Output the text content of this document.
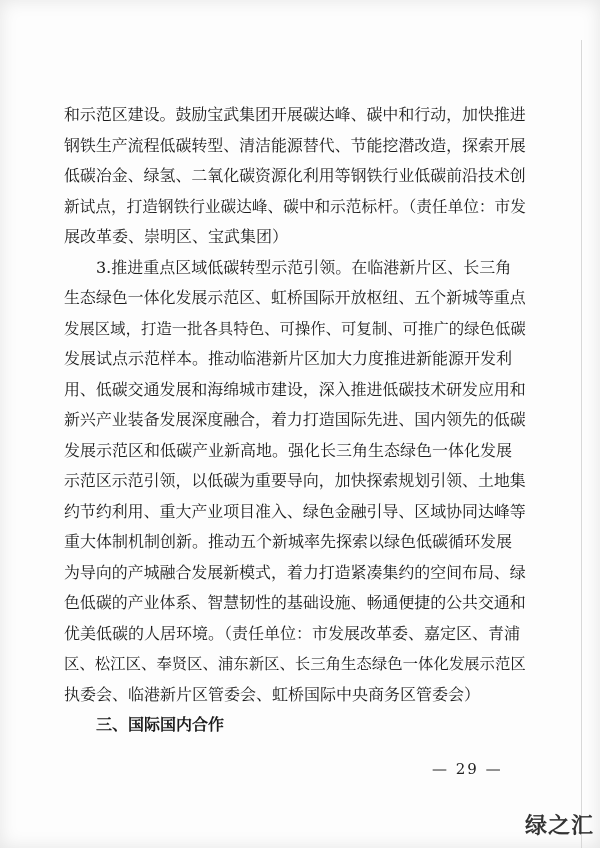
和示范区建设。鼓励宝武集团开展碳达峰、碳中和行动，加快推进
钢铁生产流程低碳转型、清洁能源替代、节能挖潜改造，探索开展
低碳冶金、绿氢、二氧化碳资源化利用等钢铁行业低碳前沿技术创
新试点，打造钢铁行业碳达峰、碳中和示范标杆。（责任单位：市发
展改革委、崇明区、宝武集团）
　　3.推进重点区域低碳转型示范引领。在临港新片区、长三角
生态绿色一体化发展示范区、虹桥国际开放枢纽、五个新城等重点
发展区域，打造一批各具特色、可操作、可复制、可推广的绿色低碳
发展试点示范样本。推动临港新片区加大力度推进新能源开发利
用、低碳交通发展和海绵城市建设，深入推进低碳技术研发应用和
新兴产业装备发展深度融合，着力打造国际先进、国内领先的低碳
发展示范区和低碳产业新高地。强化长三角生态绿色一体化发展
示范区示范引领，以低碳为重要导向，加快探索规划引领、土地集
约节约利用、重大产业项目准入、绿色金融引导、区域协同达峰等
重大体制机制创新。推动五个新城率先探索以绿色低碳循环发展
为导向的产城融合发展新模式，着力打造紧凑集约的空间布局、绿
色低碳的产业体系、智慧韧性的基础设施、畅通便捷的公共交通和
优美低碳的人居环境。（责任单位：市发展改革委、嘉定区、青浦
区、松江区、奉贤区、浦东新区、长三角生态绿色一体化发展示范区
执委会、临港新片区管委会、虹桥国际中央商务区管委会）
　　三、国际国内合作
— 29 —
绿之汇
